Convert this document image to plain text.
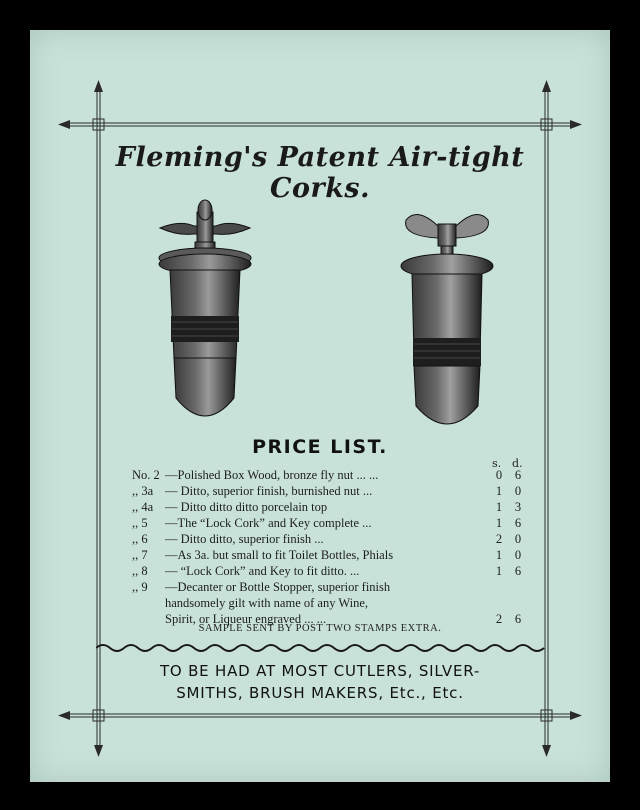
Fleming's Patent Air-tight Corks.
PRICE LIST.
s. d.
No. 2 —Polished Box Wood, bronze fly nut ... ...	0 6
,, 3a — Ditto, superior finish, burnished nut ...	1 0
,, 4a — Ditto ditto ditto porcelain top	1 3
,, 5 —The “Lock Cork” and Key complete ...	1 6
,, 6 — Ditto ditto, superior finish ...	2 0
,, 7 —As 3a. but small to fit Toilet Bottles, Phials	1 0
,, 8 — “Lock Cork” and Key to fit ditto. ...	1 6
,, 9 —Decanter or Bottle Stopper, superior finish
handsomely gilt with name of any Wine,
Spirit, or Liqueur engraved ... ...	2 6
SAMPLE SENT BY POST TWO STAMPS EXTRA.
TO BE HAD AT MOST CUTLERS, SILVER-
SMITHS, BRUSH MAKERS, Etc., Etc.
